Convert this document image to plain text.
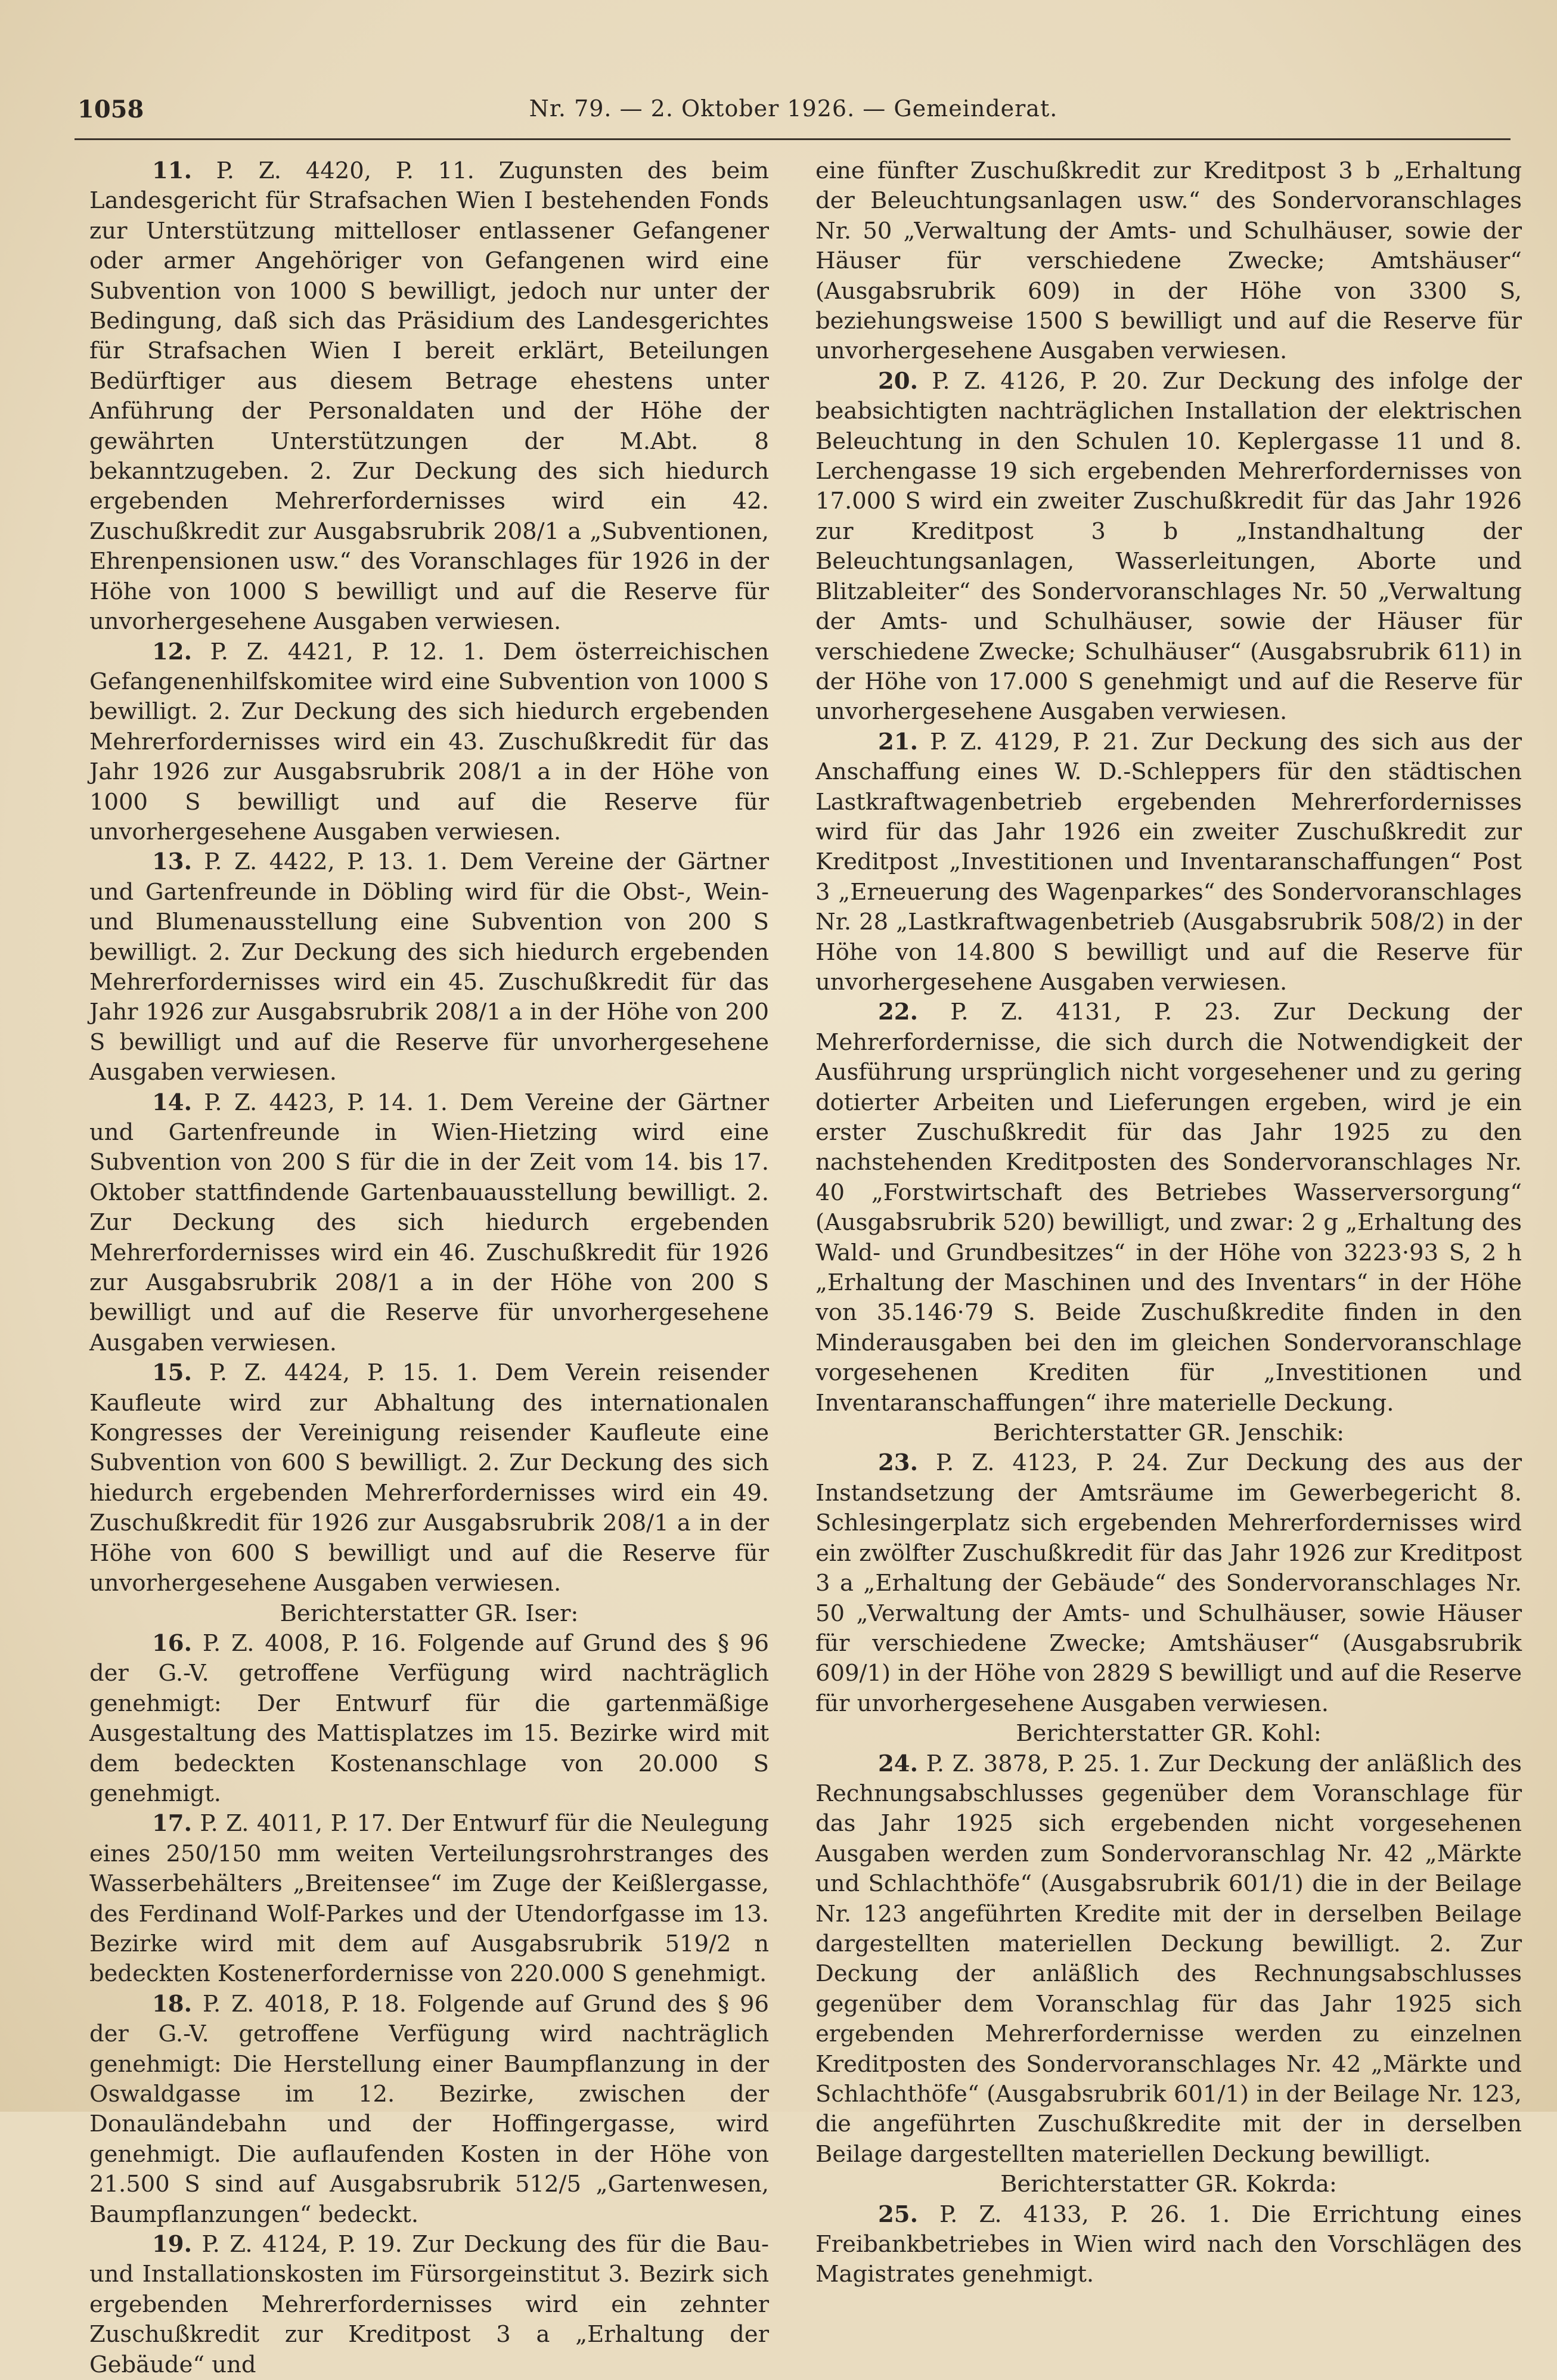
1058	Nr. 79. — 2. Oktober 1926. — Gemeinderat.

11. P. Z. 4420, P. 11. Zugunsten des beim Landesgericht für Strafsachen Wien I bestehenden Fonds zur Unterstützung mittelloser entlassener Gefangener oder armer Angehöriger von Gefangenen wird eine Subvention von 1000 S bewilligt, jedoch nur unter der Bedingung, daß sich das Präsidium des Landesgerichtes für Strafsachen Wien I bereit erklärt, Beteilungen Bedürftiger aus diesem Betrage ehestens unter Anführung der Personaldaten und der Höhe der gewährten Unterstützungen der M.Abt. 8 bekanntzugeben. 2. Zur Deckung des sich hiedurch ergebenden Mehrerfordernisses wird ein 42. Zuschußkredit zur Ausgabsrubrik 208/1 a „Subventionen, Ehrenpensionen usw.“ des Voranschlages für 1926 in der Höhe von 1000 S bewilligt und auf die Reserve für unvorhergesehene Ausgaben verwiesen.

12. P. Z. 4421, P. 12. 1. Dem österreichischen Gefangenenhilfskomitee wird eine Subvention von 1000 S bewilligt. 2. Zur Deckung des sich hiedurch ergebenden Mehrerfordernisses wird ein 43. Zuschußkredit für das Jahr 1926 zur Ausgabsrubrik 208/1 a in der Höhe von 1000 S bewilligt und auf die Reserve für unvorhergesehene Ausgaben verwiesen.

13. P. Z. 4422, P. 13. 1. Dem Vereine der Gärtner und Gartenfreunde in Döbling wird für die Obst-, Wein- und Blumenausstellung eine Subvention von 200 S bewilligt. 2. Zur Deckung des sich hiedurch ergebenden Mehrerfordernisses wird ein 45. Zuschußkredit für das Jahr 1926 zur Ausgabsrubrik 208/1 a in der Höhe von 200 S bewilligt und auf die Reserve für unvorhergesehene Ausgaben verwiesen.

14. P. Z. 4423, P. 14. 1. Dem Vereine der Gärtner und Gartenfreunde in Wien-Hietzing wird eine Subvention von 200 S für die in der Zeit vom 14. bis 17. Oktober stattfindende Gartenbauausstellung bewilligt. 2. Zur Deckung des sich hiedurch ergebenden Mehrerfordernisses wird ein 46. Zuschußkredit für 1926 zur Ausgabsrubrik 208/1 a in der Höhe von 200 S bewilligt und auf die Reserve für unvorhergesehene Ausgaben verwiesen.

15. P. Z. 4424, P. 15. 1. Dem Verein reisender Kaufleute wird zur Abhaltung des internationalen Kongresses der Vereinigung reisender Kaufleute eine Subvention von 600 S bewilligt. 2. Zur Deckung des sich hiedurch ergebenden Mehrerfordernisses wird ein 49. Zuschußkredit für 1926 zur Ausgabsrubrik 208/1 a in der Höhe von 600 S bewilligt und auf die Reserve für unvorhergesehene Ausgaben verwiesen.

Berichterstatter GR. Iser:

16. P. Z. 4008, P. 16. Folgende auf Grund des § 96 der G.-V. getroffene Verfügung wird nachträglich genehmigt: Der Entwurf für die gartenmäßige Ausgestaltung des Mattisplatzes im 15. Bezirke wird mit dem bedeckten Kostenanschlage von 20.000 S genehmigt.

17. P. Z. 4011, P. 17. Der Entwurf für die Neulegung eines 250/150 mm weiten Verteilungsrohrstranges des Wasserbehälters „Breitensee“ im Zuge der Keißlergasse, des Ferdinand Wolf-Parkes und der Utendorfgasse im 13. Bezirke wird mit dem auf Ausgabsrubrik 519/2 n bedeckten Kostenerfordernisse von 220.000 S genehmigt.

18. P. Z. 4018, P. 18. Folgende auf Grund des § 96 der G.-V. getroffene Verfügung wird nachträglich genehmigt: Die Herstellung einer Baumpflanzung in der Oswaldgasse im 12. Bezirke, zwischen der Donauländebahn und der Hoffingergasse, wird genehmigt. Die auflaufenden Kosten in der Höhe von 21.500 S sind auf Ausgabsrubrik 512/5 „Gartenwesen, Baumpflanzungen“ bedeckt.

19. P. Z. 4124, P. 19. Zur Deckung des für die Bau- und Installationskosten im Fürsorgeinstitut 3. Bezirk sich ergebenden Mehrerfordernisses wird ein zehnter Zuschußkredit zur Kreditpost 3 a „Erhaltung der Gebäude“ und

eine fünfter Zuschußkredit zur Kreditpost 3 b „Erhaltung der Beleuchtungsanlagen usw.“ des Sondervoranschlages Nr. 50 „Verwaltung der Amts- und Schulhäuser, sowie der Häuser für verschiedene Zwecke; Amtshäuser“ (Ausgabsrubrik 609) in der Höhe von 3300 S, beziehungsweise 1500 S bewilligt und auf die Reserve für unvorhergesehene Ausgaben verwiesen.

20. P. Z. 4126, P. 20. Zur Deckung des infolge der beabsichtigten nachträglichen Installation der elektrischen Beleuchtung in den Schulen 10. Keplergasse 11 und 8. Lerchengasse 19 sich ergebenden Mehrerfordernisses von 17.000 S wird ein zweiter Zuschußkredit für das Jahr 1926 zur Kreditpost 3 b „Instandhaltung der Beleuchtungsanlagen, Wasserleitungen, Aborte und Blitzableiter“ des Sondervoranschlages Nr. 50 „Verwaltung der Amts- und Schulhäuser, sowie der Häuser für verschiedene Zwecke; Schulhäuser“ (Ausgabsrubrik 611) in der Höhe von 17.000 S genehmigt und auf die Reserve für unvorhergesehene Ausgaben verwiesen.

21. P. Z. 4129, P. 21. Zur Deckung des sich aus der Anschaffung eines W. D.-Schleppers für den städtischen Lastkraftwagenbetrieb ergebenden Mehrerfordernisses wird für das Jahr 1926 ein zweiter Zuschußkredit zur Kreditpost „Investitionen und Inventaranschaffungen“ Post 3 „Erneuerung des Wagenparkes“ des Sondervoranschlages Nr. 28 „Lastkraftwagenbetrieb (Ausgabsrubrik 508/2) in der Höhe von 14.800 S bewilligt und auf die Reserve für unvorhergesehene Ausgaben verwiesen.

22. P. Z. 4131, P. 23. Zur Deckung der Mehrerfordernisse, die sich durch die Notwendigkeit der Ausführung ursprünglich nicht vorgesehener und zu gering dotierter Arbeiten und Lieferungen ergeben, wird je ein erster Zuschußkredit für das Jahr 1925 zu den nachstehenden Kreditposten des Sondervoranschlages Nr. 40 „Forstwirtschaft des Betriebes Wasserversorgung“ (Ausgabsrubrik 520) bewilligt, und zwar: 2 g „Erhaltung des Wald- und Grundbesitzes“ in der Höhe von 3223·93 S, 2 h „Erhaltung der Maschinen und des Inventars“ in der Höhe von 35.146·79 S. Beide Zuschußkredite finden in den Minderausgaben bei den im gleichen Sondervoranschlage vorgesehenen Krediten für „Investitionen und Inventaranschaffungen“ ihre materielle Deckung.

Berichterstatter GR. Jenschik:

23. P. Z. 4123, P. 24. Zur Deckung des aus der Instandsetzung der Amtsräume im Gewerbegericht 8. Schlesingerplatz sich ergebenden Mehrerfordernisses wird ein zwölfter Zuschußkredit für das Jahr 1926 zur Kreditpost 3 a „Erhaltung der Gebäude“ des Sondervoranschlages Nr. 50 „Verwaltung der Amts- und Schulhäuser, sowie Häuser für verschiedene Zwecke; Amtshäuser“ (Ausgabsrubrik 609/1) in der Höhe von 2829 S bewilligt und auf die Reserve für unvorhergesehene Ausgaben verwiesen.

Berichterstatter GR. Kohl:

24. P. Z. 3878, P. 25. 1. Zur Deckung der anläßlich des Rechnungsabschlusses gegenüber dem Voranschlage für das Jahr 1925 sich ergebenden nicht vorgesehenen Ausgaben werden zum Sondervoranschlag Nr. 42 „Märkte und Schlachthöfe“ (Ausgabsrubrik 601/1) die in der Beilage Nr. 123 angeführten Kredite mit der in derselben Beilage dargestellten materiellen Deckung bewilligt. 2. Zur Deckung der anläßlich des Rechnungsabschlusses gegenüber dem Voranschlag für das Jahr 1925 sich ergebenden Mehrerfordernisse werden zu einzelnen Kreditposten des Sondervoranschlages Nr. 42 „Märkte und Schlachthöfe“ (Ausgabsrubrik 601/1) in der Beilage Nr. 123, die angeführten Zuschußkredite mit der in derselben Beilage dargestellten materiellen Deckung bewilligt.

Berichterstatter GR. Kokrda:

25. P. Z. 4133, P. 26. 1. Die Errichtung eines Freibankbetriebes in Wien wird nach den Vorschlägen des Magistrates genehmigt.
